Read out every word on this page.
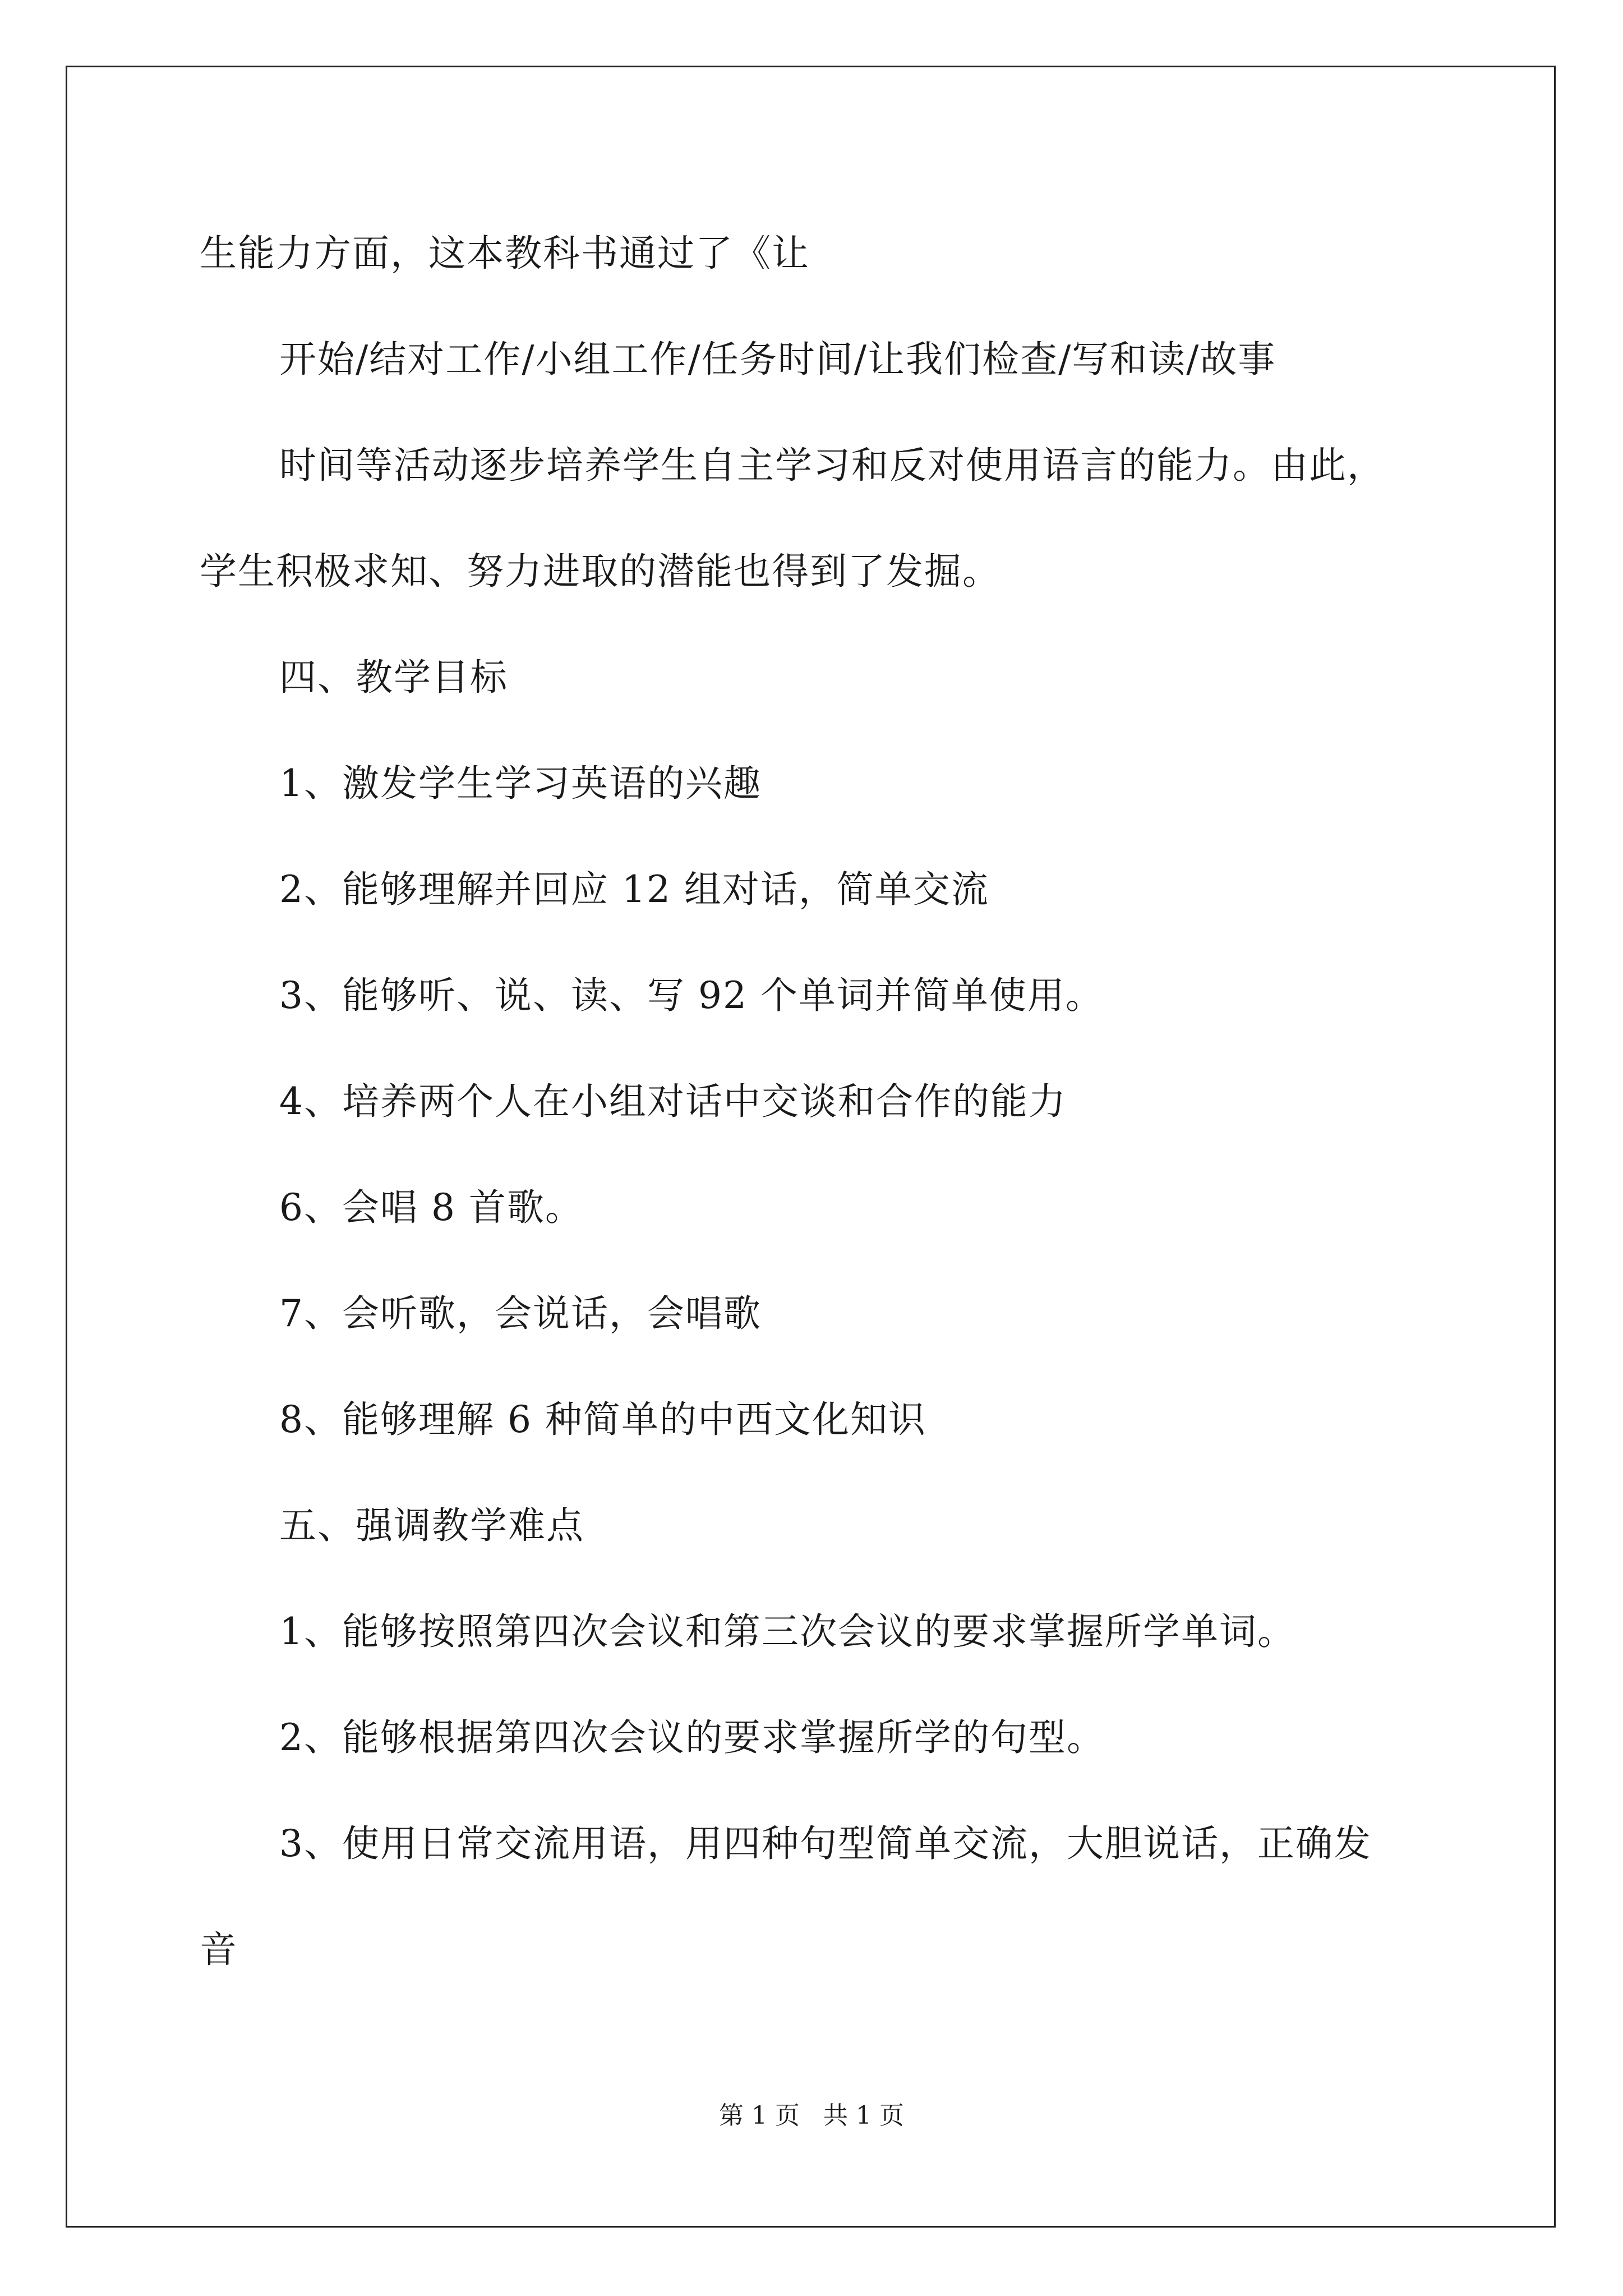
生能力方面，这本教科书通过了《让
开始/结对工作/小组工作/任务时间/让我们检查/写和读/故事
时间等活动逐步培养学生自主学习和反对使用语言的能力。由此，
学生积极求知、努力进取的潜能也得到了发掘。
四、教学目标
1、激发学生学习英语的兴趣
2、能够理解并回应 12 组对话，简单交流
3、能够听、说、读、写 92 个单词并简单使用。
4、培养两个人在小组对话中交谈和合作的能力
6、会唱 8 首歌。
7、会听歌，会说话，会唱歌
8、能够理解 6 种简单的中西文化知识
五、强调教学难点
1、能够按照第四次会议和第三次会议的要求掌握所学单词。
2、能够根据第四次会议的要求掌握所学的句型。
3、使用日常交流用语，用四种句型简单交流，大胆说话，正确发
音
第 1 页   共 1 页
